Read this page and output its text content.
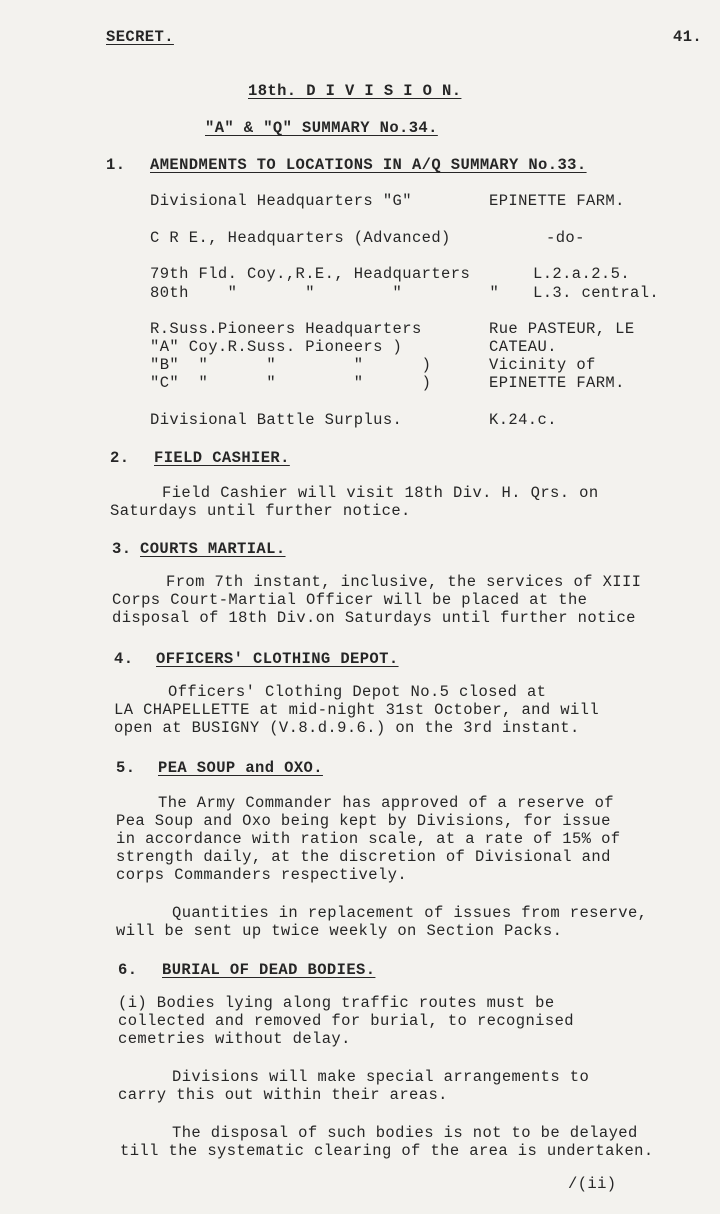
SECRET.	41.
18th. D I V I S I O N.
"A" & "Q" SUMMARY No.34.
1. AMENDMENTS TO LOCATIONS IN A/Q SUMMARY No.33.
Divisional Headquarters "G"	EPINETTE FARM.
C R E., Headquarters (Advanced)	-do-
79th Fld. Coy.,R.E., Headquarters	L.2.a.2.5.
80th    "       "        "         " L.3. central.
R.Suss.Pioneers Headquarters	Rue PASTEUR, LE
"A" Coy.R.Suss. Pioneers )	CATEAU.
"B"  "      "        "      )	Vicinity of
"C"  "      "        "      )	EPINETTE FARM.
Divisional Battle Surplus.	K.24.c.
2. FIELD CASHIER.
Field Cashier will visit 18th Div. H. Qrs. on
Saturdays until further notice.
3. COURTS MARTIAL.
From 7th instant, inclusive, the services of XIII
Corps Court-Martial Officer will be placed at the
disposal of 18th Div.on Saturdays until further notice
4. OFFICERS' CLOTHING DEPOT.
Officers' Clothing Depot No.5 closed at
LA CHAPELLETTE at mid-night 31st October, and will
open at BUSIGNY (V.8.d.9.6.) on the 3rd instant.
5. PEA SOUP and OXO.
The Army Commander has approved of a reserve of
Pea Soup and Oxo being kept by Divisions, for issue
in accordance with ration scale, at a rate of 15% of
strength daily, at the discretion of Divisional and
corps Commanders respectively.
Quantities in replacement of issues from reserve,
will be sent up twice weekly on Section Packs.
6. BURIAL OF DEAD BODIES.
(i) Bodies lying along traffic routes must be
collected and removed for burial, to recognised
cemetries without delay.
Divisions will make special arrangements to
carry this out within their areas.
The disposal of such bodies is not to be delayed
till the systematic clearing of the area is undertaken.
/(ii)
